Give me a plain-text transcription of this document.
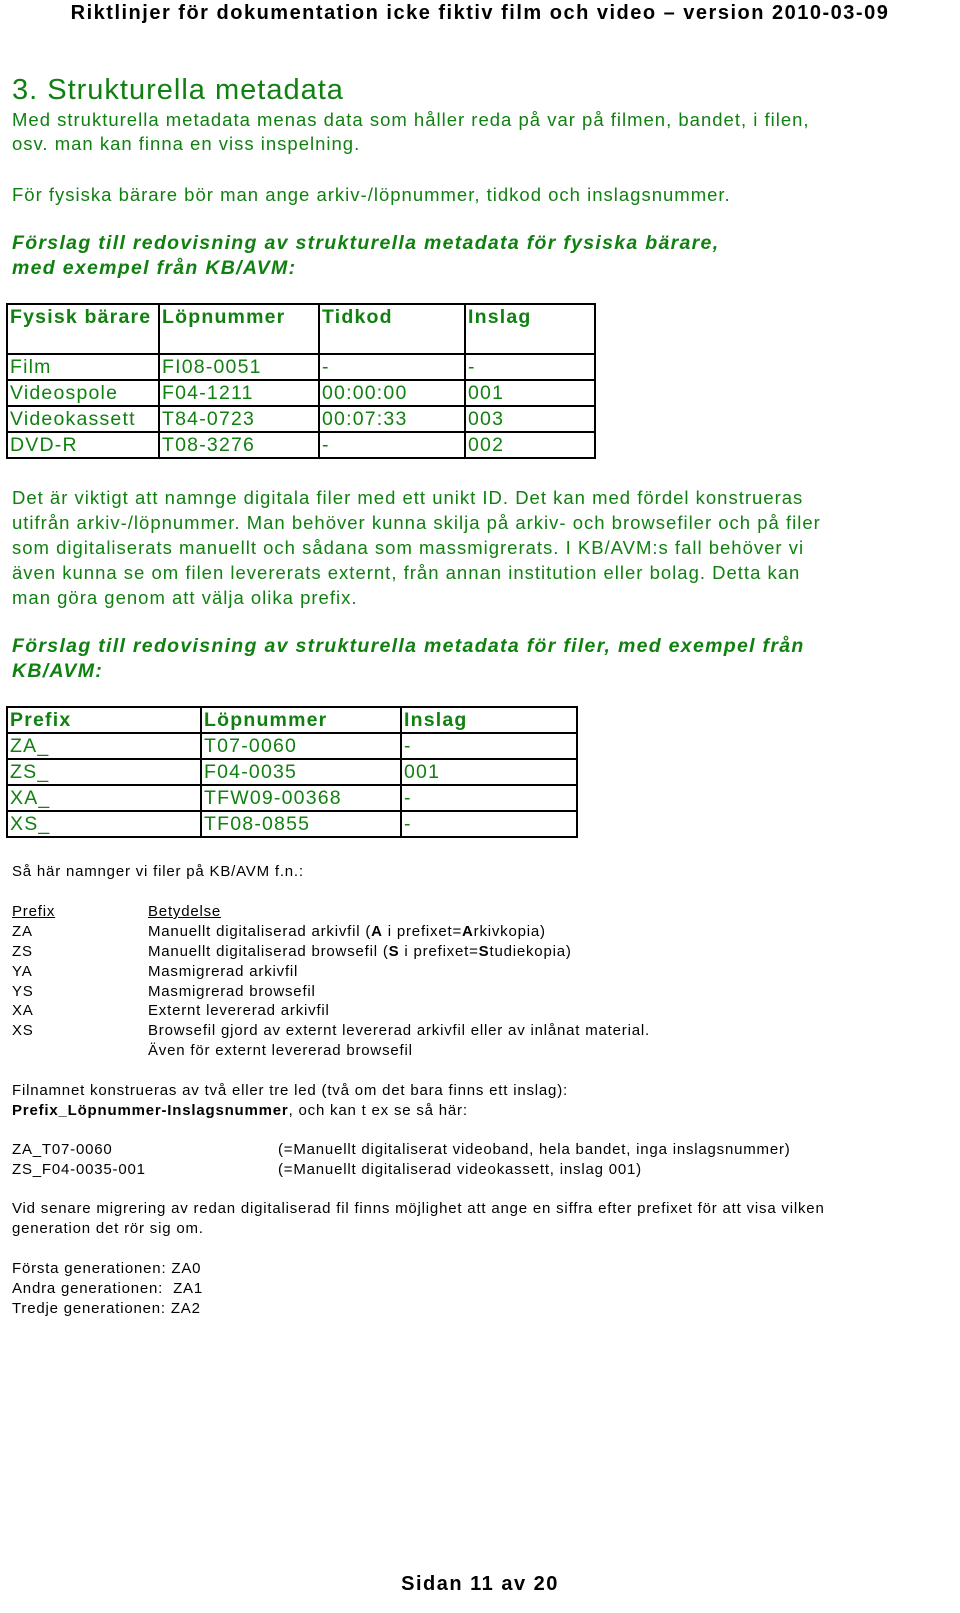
Riktlinjer för dokumentation icke fiktiv film och video – version 2010-03-09
3. Strukturella metadata
Med strukturella metadata menas data som håller reda på var på filmen, bandet, i filen,
osv. man kan finna en viss inspelning.
För fysiska bärare bör man ange arkiv-/löpnummer, tidkod och inslagsnummer.
Förslag till redovisning av strukturella metadata för fysiska bärare,
med exempel från KB/AVM:
Fysisk bärare	Löpnummer	Tidkod	Inslag
Film	FI08-0051	-	-
Videospole	F04-1211	00:00:00	001
Videokassett	T84-0723	00:07:33	003
DVD-R	T08-3276	-	002
Det är viktigt att namnge digitala filer med ett unikt ID. Det kan med fördel konstrueras
utifrån arkiv-/löpnummer. Man behöver kunna skilja på arkiv- och browsefiler och på filer
som digitaliserats manuellt och sådana som massmigrerats. I KB/AVM:s fall behöver vi
även kunna se om filen levererats externt, från annan institution eller bolag. Detta kan
man göra genom att välja olika prefix.
Förslag till redovisning av strukturella metadata för filer, med exempel från
KB/AVM:
Prefix	Löpnummer	Inslag
ZA_	T07-0060	-
ZS_	F04-0035	001
XA_	TFW09-00368	-
XS_	TF08-0855	-
Så här namnger vi filer på KB/AVM f.n.:
Prefix	Betydelse
ZA	Manuellt digitaliserad arkivfil (A i prefixet=Arkivkopia)
ZS	Manuellt digitaliserad browsefil (S i prefixet=Studiekopia)
YA	Masmigrerad arkivfil
YS	Masmigrerad browsefil
XA	Externt levererad arkivfil
XS	Browsefil gjord av externt levererad arkivfil eller av inlånat material.
Även för externt levererad browsefil
Filnamnet konstrueras av två eller tre led (två om det bara finns ett inslag):
Prefix_Löpnummer-Inslagsnummer, och kan t ex se så här:
ZA_T07-0060	(=Manuellt digitaliserat videoband, hela bandet, inga inslagsnummer)
ZS_F04-0035-001	(=Manuellt digitaliserad videokassett, inslag 001)
Vid senare migrering av redan digitaliserad fil finns möjlighet att ange en siffra efter prefixet för att visa vilken
generation det rör sig om.
Första generationen: ZA0
Andra generationen:  ZA1
Tredje generationen: ZA2
Sidan 11 av 20
